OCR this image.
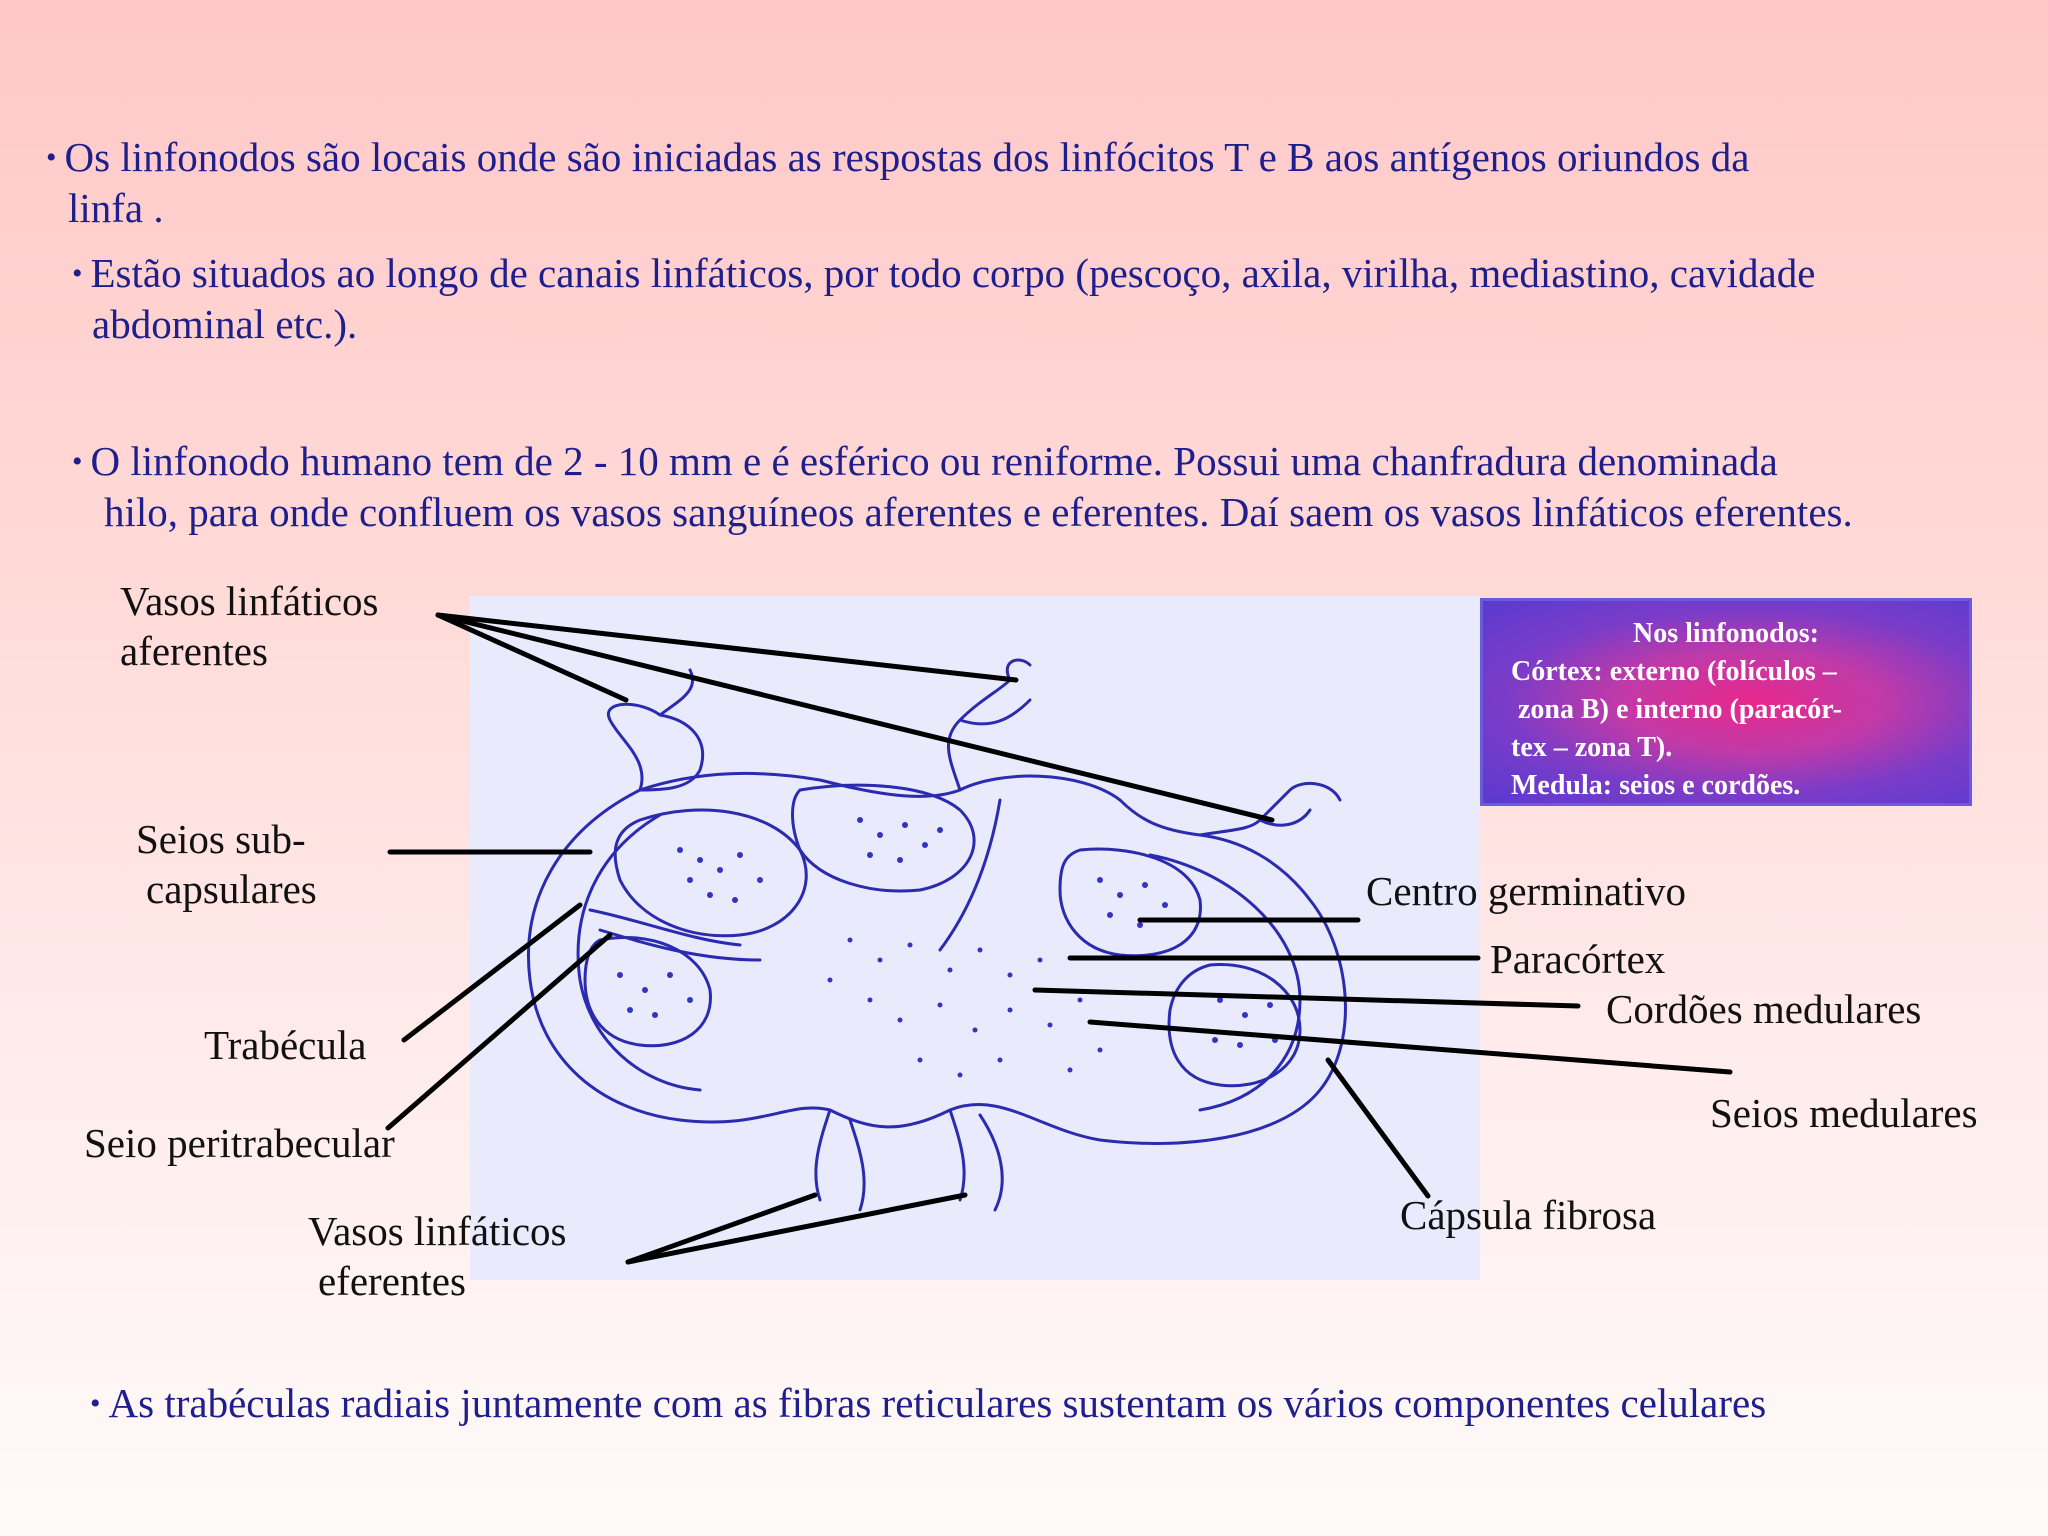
• Os linfonodos são locais onde são iniciadas as respostas dos linfócitos T e B aos antígenos oriundos da
linfa .
• Estão situados ao longo de canais linfáticos, por todo corpo (pescoço, axila, virilha, mediastino, cavidade
abdominal etc.).
• O linfonodo humano tem de 2 - 10 mm e é esférico ou reniforme. Possui uma chanfradura denominada
hilo, para onde confluem os vasos sanguíneos aferentes e eferentes. Daí saem os vasos linfáticos eferentes.
• As trabéculas radiais juntamente com as fibras reticulares sustentam os vários componentes celulares
Vasos linfáticos
aferentes
Seios sub-
capsulares
Trabécula
Seio peritrabecular
Vasos linfáticos
eferentes
Centro germinativo
Paracórtex
Cordões medulares
Seios medulares
Cápsula fibrosa
Nos linfonodos:
Córtex: externo (folículos –
zona B) e interno (paracór-
tex – zona T).
Medula: seios e cordões.
